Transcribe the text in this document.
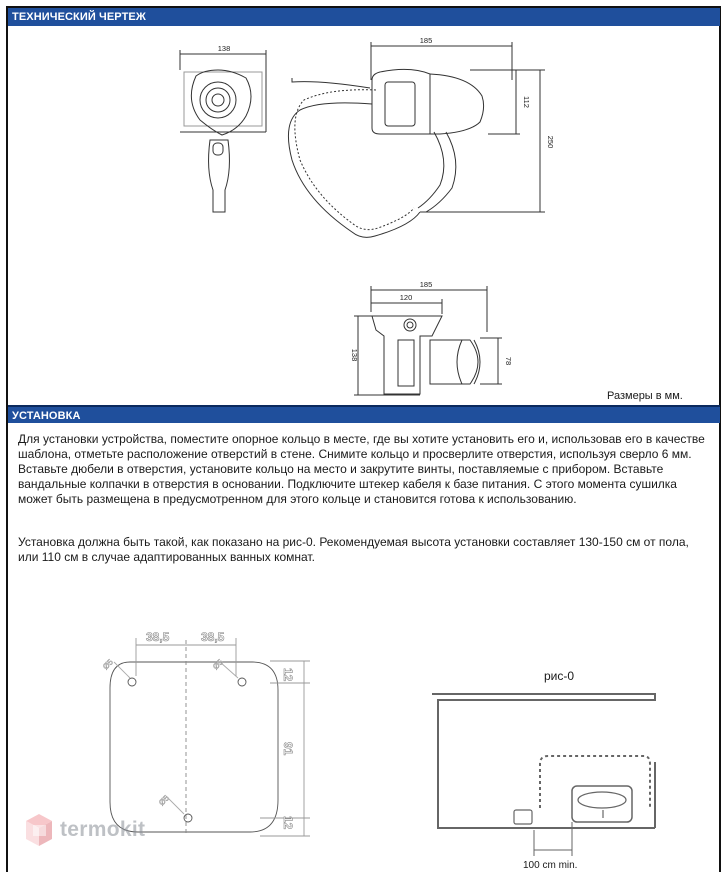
ТЕХНИЧЕСКИЙ ЧЕРТЕЖ
138
185
112
250
185
120
138	78
Размеры в мм.
УСТАНОВКА
Для установки устройства, поместите опорное кольцо в месте, где вы хотите установить его и, использовав его в качестве шаблона, отметьте расположение отверстий в стене. Снимите кольцо и просверлите отверстия, используя сверло 6 мм. Вставьте дюбели в отверстия, установите кольцо на место и закрутите винты, поставляемые с прибором. Вставьте вандальные колпачки в отверстия в основании. Подключите штекер кабеля к базе питания. С этого момента сушилка может быть размещена в предусмотренном для этого кольце и становится готова к использованию.
Установка должна быть такой, как показано на рис-0. Рекомендуемая высота установки составляет 130-150 см от пола, или 110 см в случае адаптированных ванных комнат.
38,5	38,5
12
91
12
Ø5	Ø5
Ø5
рис-0
100 cm min.
termokit
